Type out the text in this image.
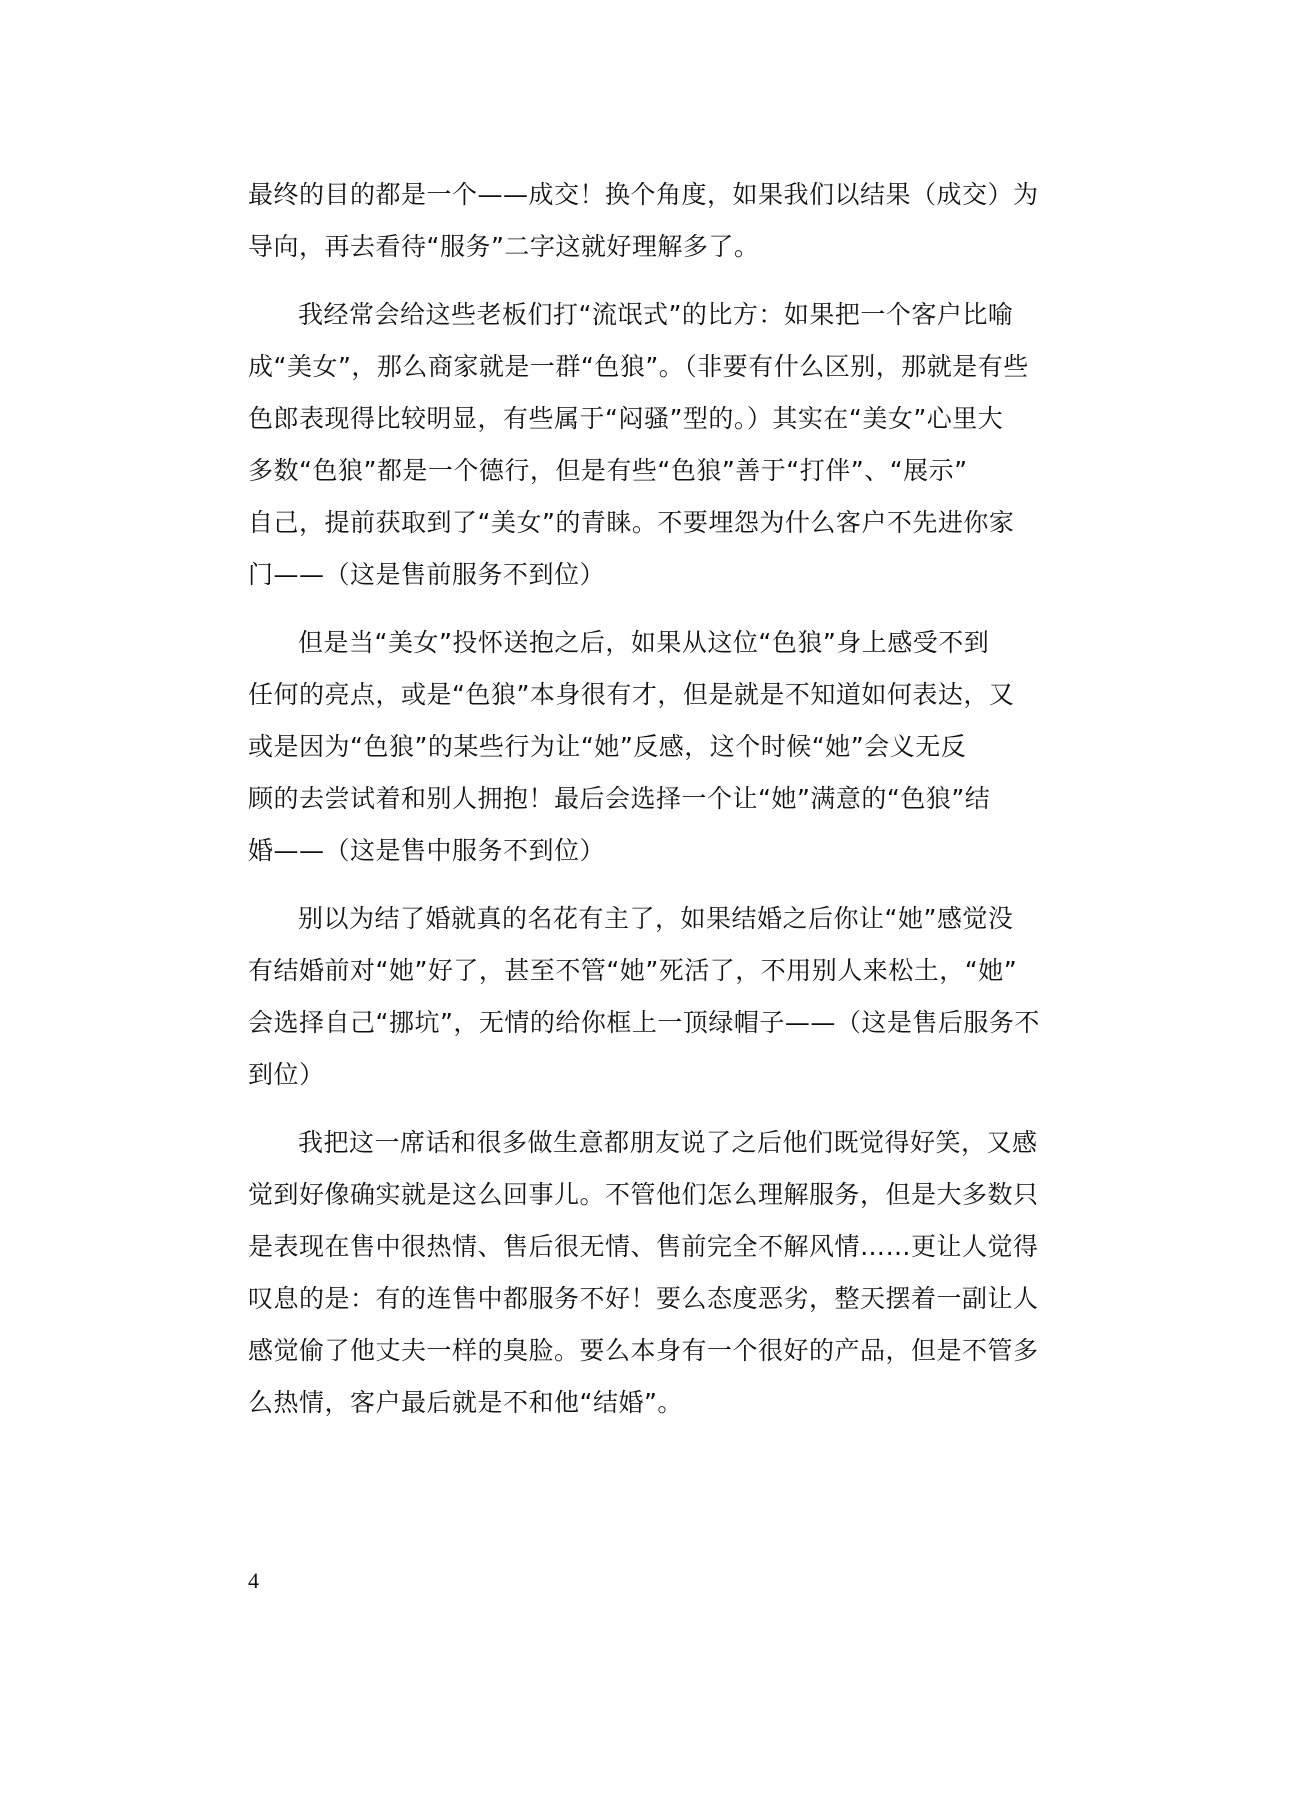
最终的目的都是一个——成交！换个角度，如果我们以结果（成交）为
导向，再去看待“服务”二字这就好理解多了。
我经常会给这些老板们打“流氓式”的比方：如果把一个客户比喻
成“美女”，那么商家就是一群“色狼”。（非要有什么区别，那就是有些
色郎表现得比较明显，有些属于“闷骚”型的。）其实在“美女”心里大
多数“色狼”都是一个德行，但是有些“色狼”善于“打伴”、“展示”
自己，提前获取到了“美女”的青睐。不要埋怨为什么客户不先进你家
门——（这是售前服务不到位）
但是当“美女”投怀送抱之后，如果从这位“色狼”身上感受不到
任何的亮点，或是“色狼”本身很有才，但是就是不知道如何表达，又
或是因为“色狼”的某些行为让“她”反感，这个时候“她”会义无反
顾的去尝试着和别人拥抱！最后会选择一个让“她”满意的“色狼”结
婚——（这是售中服务不到位）
别以为结了婚就真的名花有主了，如果结婚之后你让“她”感觉没
有结婚前对“她”好了，甚至不管“她”死活了，不用别人来松土，“她”
会选择自己“挪坑”，无情的给你框上一顶绿帽子——（这是售后服务不
到位）
我把这一席话和很多做生意都朋友说了之后他们既觉得好笑，又感
觉到好像确实就是这么回事儿。不管他们怎么理解服务，但是大多数只
是表现在售中很热情、售后很无情、售前完全不解风情……更让人觉得
叹息的是：有的连售中都服务不好！要么态度恶劣，整天摆着一副让人
感觉偷了他丈夫一样的臭脸。要么本身有一个很好的产品，但是不管多
么热情，客户最后就是不和他“结婚”。
4
